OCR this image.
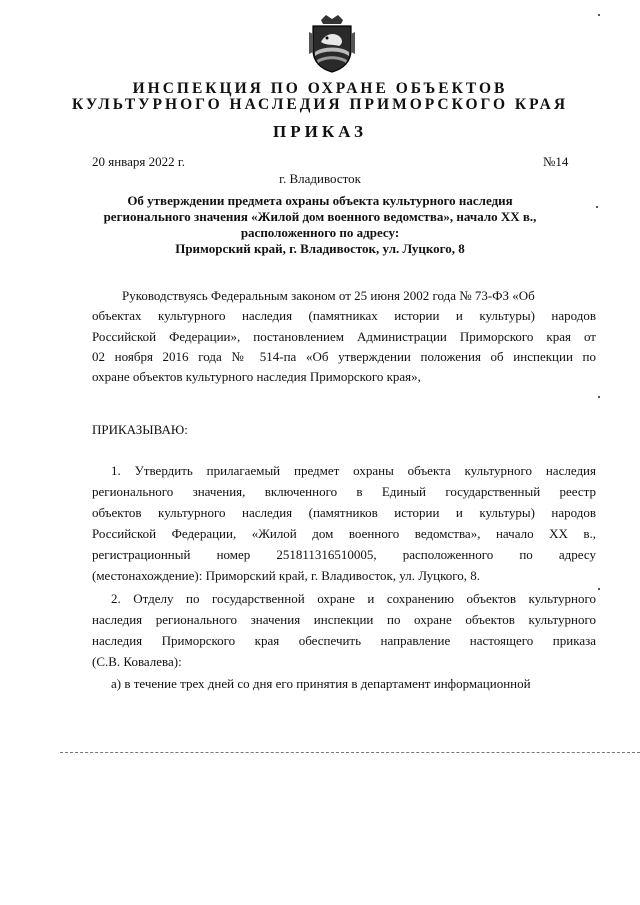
ИНСПЕКЦИЯ ПО ОХРАНЕ ОБЪЕКТОВ
КУЛЬТУРНОГО НАСЛЕДИЯ ПРИМОРСКОГО КРАЯ
ПРИКАЗ
20 января 2022 г.	№14
г. Владивосток
Об утверждении предмета охраны объекта культурного наследия
регионального значения «Жилой дом военного ведомства», начало XX в.,
расположенного по адресу:
Приморский край, г. Владивосток, ул. Луцкого, 8
Руководствуясь Федеральным законом от 25 июня 2002 года № 73-ФЗ «Об
объектах культурного наследия (памятниках истории и культуры) народов
Российской Федерации», постановлением Администрации Приморского края от
02 ноября 2016 года № 514-па «Об утверждении положения об инспекции по
охране объектов культурного наследия Приморского края»,
ПРИКАЗЫВАЮ:
1. Утвердить прилагаемый предмет охраны объекта культурного наследия
регионального значения, включенного в Единый государственный реестр
объектов культурного наследия (памятников истории и культуры) народов
Российской Федерации, «Жилой дом военного ведомства», начало XX в.,
регистрационный номер 251811316510005, расположенного по адресу
(местонахождение): Приморский край, г. Владивосток, ул. Луцкого, 8.
2. Отделу по государственной охране и сохранению объектов культурного
наследия регионального значения инспекции по охране объектов культурного
наследия Приморского края обеспечить направление настоящего приказа
(С.В. Ковалева):
а) в течение трех дней со дня его принятия в департамент информационной
